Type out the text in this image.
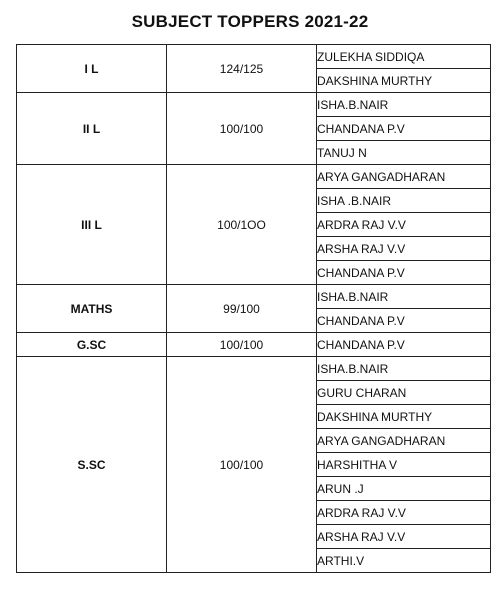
SUBJECT TOPPERS 2021-22
I L	124/125	ZULEKHA SIDDIQA
		DAKSHINA MURTHY
II L	100/100	ISHA.B.NAIR
		CHANDANA P.V
		TANUJ N
III L	100/1OO	ARYA GANGADHARAN
		ISHA .B.NAIR
		ARDRA RAJ V.V
		ARSHA RAJ V.V
		CHANDANA P.V
MATHS	99/100	ISHA.B.NAIR
		CHANDANA P.V
G.SC	100/100	CHANDANA P.V
S.SC	100/100	ISHA.B.NAIR
		GURU CHARAN
		DAKSHINA MURTHY
		ARYA GANGADHARAN
		HARSHITHA V
		ARUN .J
		ARDRA RAJ V.V
		ARSHA RAJ V.V
		ARTHI.V
